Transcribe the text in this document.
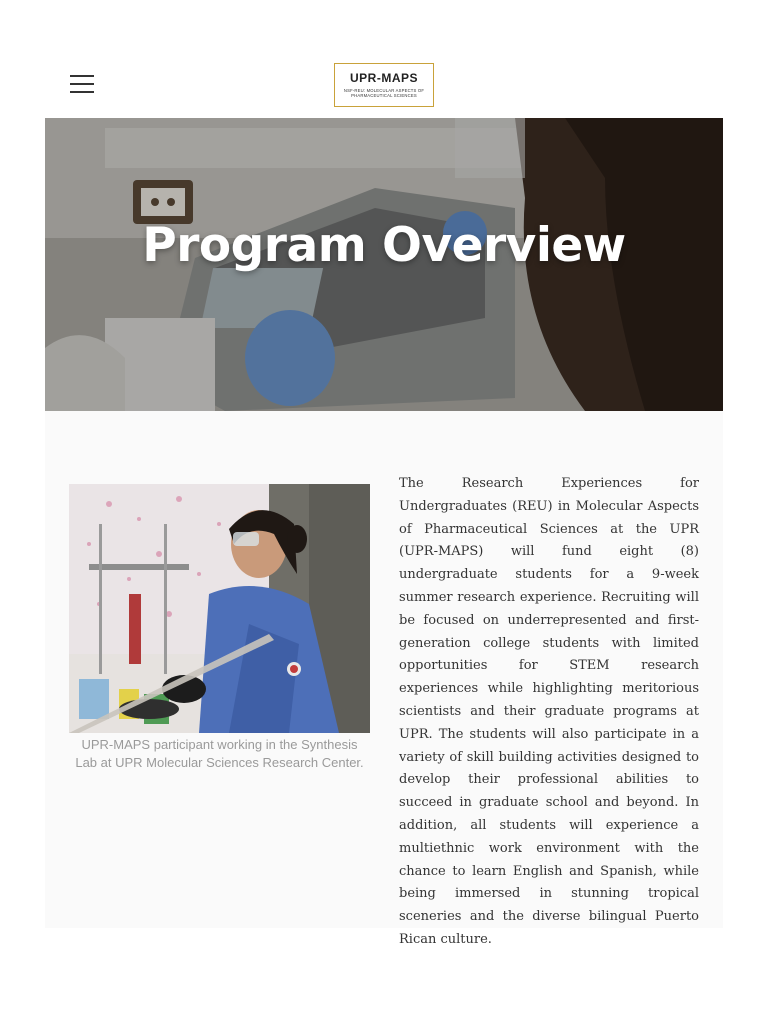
UPR-MAPS
NSF-REU: MOLECULAR ASPECTS OF PHARMACEUTICAL SCIENCES
Program Overview
UPR-MAPS participant working in the Synthesis Lab at UPR Molecular Sciences Research Center.

The Research Experiences for Undergraduates (REU) in Molecular Aspects of Pharmaceutical Sciences at the UPR (UPR-MAPS) will fund eight (8) undergraduate students for a 9-week summer research experience. Recruiting will be focused on underrepresented and first-generation college students with limited opportunities for STEM research experiences while highlighting meritorious scientists and their graduate programs at UPR. The students will also participate in a variety of skill building activities designed to develop their professional abilities to succeed in graduate school and beyond. In addition, all students will experience a multiethnic work environment with the chance to learn English and Spanish, while being immersed in stunning tropical sceneries and the diverse bilingual Puerto Rican culture.
